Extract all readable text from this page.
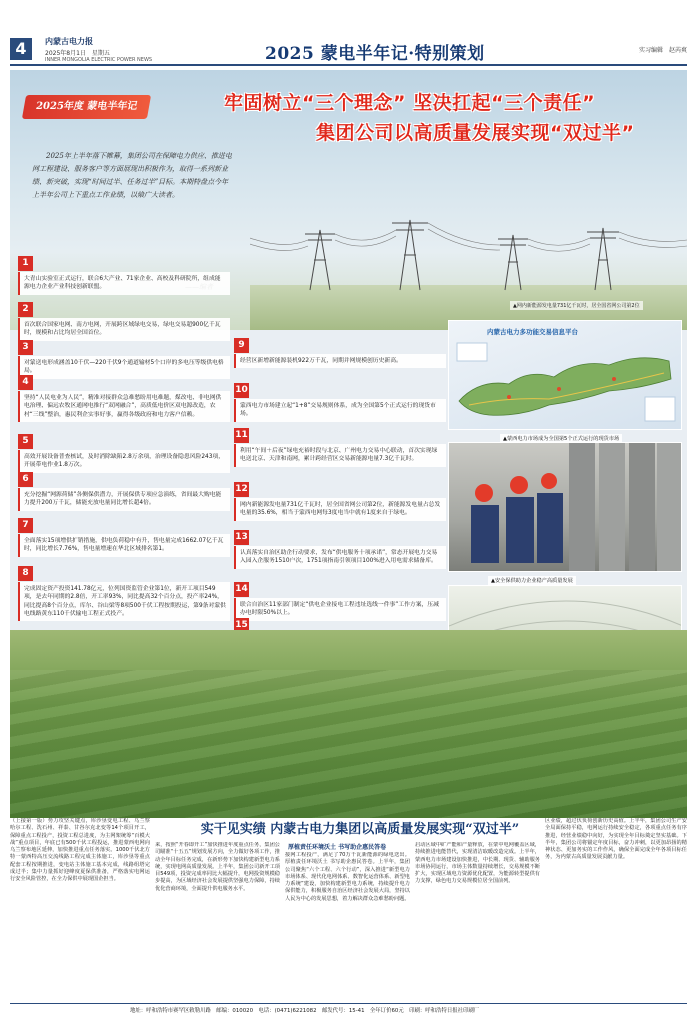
4	内蒙古电力报
2025年8月1日　星期五
INNER MONGOLIA ELECTRIC POWER NEWS	2025 蒙电半年记·特别策划	实习编辑　赵芮爽
2025年度 蒙电半年记	牢固树立“三个理念” 坚决扛起“三个责任”
集团公司以高质量发展实现“双过半”

2025年上半年落下帷幕，集团公司在保障电力供应、推进电网工程建设、服务客户等方面展现出积极作为，取得一系列新业绩、新突破，实现“时间过半、任务过半”目标。本期特盘点今年上半年公司上下重点工作业绩，以飨广大读者。

▲网内新能源发电量731亿千瓦时，居全国省网公司第2位
1
大青山实验室正式运行，联合6大产业、71家企业、高校及科研院所，组成能源电力企业产业科技创新联盟。
2
首次联合国家电网、南方电网，开展跨区域绿电交易，绿电交易超900亿千瓦时，规模和占比均居全国首位。
3
对蒙送电形成涵盖10千伏—220千伏9个通道输材5个口岸的多电压等级供电格局。
4
坚持“人民电业为人民”，精准对接群众急难愁盼用电难题，煤改电、非电网供电治理、偏远农牧区通网电推行“双网融合”，高质低电价区双电源改造，农村“三线”整治，惠民利企实事好事，赢得各级政府和电力客户信赖。
5
高效开展设备普查核试，及时消除缺陷2.8万余项，治理设备隐患风险243项，开展带电作业1.8万次。
6
充分挖掘“网源荷储”各侧保供潜力，开展保供专项应急演练，省间最大购电能力提升200万千瓦，储能充放电量同比增长超4倍。
7
全面落实15项增供扩销措施，供电负荷稳中有升，售电量完成1662.07亿千瓦时，同比增长7.76%，售电量增速在华北区域排名第1。
8
完成固定资产投资141.78亿元，位列国资监管企业第1位，新开工项目549项，是去年同期的2.8倍，开工率93%，同比提高32个百分点，投产率24%，同比提高8个百分点，库尔、谷山梁等8项500千伏工程按期投运，第9条对蒙供电线路黄东110千伏输电工程正式投产。
9
经营区新增新能源装机922万千瓦，同期并网规模创历史新高。
10
蒙西电力市场建立起“1+8”交易规则体系，成为全国第5个正式运行的现货市场。
11
利用“午间＋后夜”绿电充裕时段与北京、广州电力交易中心联动，首次实现绿电送北京、天津和南网，累计跨经营区交易新能源电量7.3亿千瓦时。
12
网内新能源发电量731亿千瓦时，居全国省网公司第2位，新能源发电量占总发电量的35.6%，相当于蒙西电网每3度电当中就有1度来自于绿电。
13
认真落实自治区助企行动要求，发布“供电服务十项承诺”，常态开展电力交易入园入企服务1510户次，1751项指南引领项目100%进入用电需求储备库。
14
联合自治区11家部门制定“供电企业接电工程违址选线一件事”工作方案，压减办电时限50%以上。
15
内蒙古电力多功能交易信息平台
▲蒙西电力市场成为全国第5个正式运行的现货市场
▲安全保供助力企业稳产高质量发展
（上接第一版）势力攻坚关键点，库沙垦变电工程、乌兰察哈尔工程、洗石州、祥泰、甘谷尔克北变等14个项目开工，保障重点工程投产，投资工程总进度，为主网架统筹“百模大战”重点项目，年底已有500千伏工程投运，推进蒙西电网向乌兰察布地区延伸，加快推进重点任务落实。1000千伏北方特一蒙西特高压交流线路工程完成主体施工，库沙垦等重点配套工程按期推进，变电站主体施工基本完成，线路组塔完成过半；集中力量抓好迎峰度夏保供准备，严格落实电网运行安全风险管控，在全力保供中展现国企担当。
实干见实绩 内蒙古电力集团以高质量发展实现“双过半”
来，按照“开春即开工”加快推进年度重点任务，集团公司瞄准“十五五”规划发展方向，全力做好各项工作，推动全年目标任务完成，在新形势下加快构建新型电力系统，实现电网高质量发展。上半年，集团公司新开工项目549项，投资完成率同比大幅提升，电网投资规模稳步提高，为区域经济社会发展提供坚强电力保障，持续优化营商环境，全面提升供电服务水平。
厚植责任环境沃土 书写助企惠民答卷
接网工程投产，满足了70万千瓦新能源的绿电送出。厚植责任环境沃土 书写助企惠民答卷。上半年，集团公司聚焦“六个工程、六个行动”，深入推进“新型电力市场体系、现代化电网体系、数智化运营体系、新型电力系统”建设，加快构建新型电力系统，持续提升电力保供能力，积极服务自治区经济社会发展大局，坚持以人民为中心的发展思想，着力解决群众急难愁盼问题。
启动区域中矿产能和产量释放，在蒙中电网覆盖区域，持续推进电能替代，实现清洁取暖改造完成。上半年，蒙西电力市场建设加快推进，中长期、现货、辅助服务市场协同运行，市场主体数量持续增长，交易规模不断扩大，实现区域电力资源优化配置，为能源转型提供有力支撑，绿色电力交易规模位居全国前列。
区业绩，超过伏负荷创新历史高值。上半年，集团公司生产安全局面保持平稳，电网运行持续安全稳定，各项重点任务有序推进，经营业绩稳中向好，为实现全年目标奠定坚实基础。下半年，集团公司将锚定年度目标，奋力冲刺，以更加昂扬的精神状态、更加务实的工作作风，确保全面完成全年各项目标任务，为内蒙古高质量发展贡献力量。
地址：呼和浩特市赛罕区敕勒川路　邮编：010020　电话：(0471)6221082　邮发代号：15-41　全年订价60元　印刷：呼和浩特日报社印刷厂
